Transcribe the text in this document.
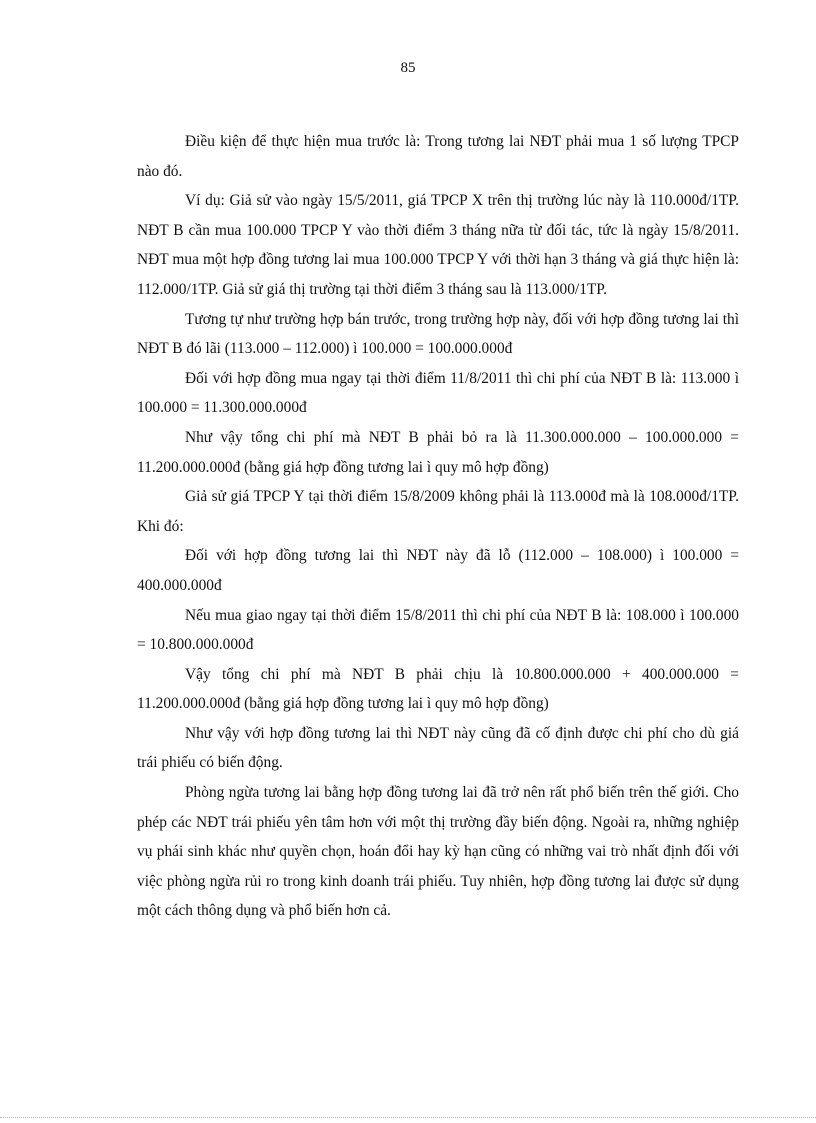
85

Điều kiện để thực hiện mua trước là: Trong tương lai NĐT phải mua 1 số lượng TPCP nào đó.

Ví dụ: Giả sử vào ngày 15/5/2011, giá TPCP X trên thị trường lúc này là 110.000đ/1TP. NĐT B cần mua 100.000 TPCP Y vào thời điểm 3 tháng nữa từ đối tác, tức là ngày 15/8/2011. NĐT mua một hợp đồng tương lai mua 100.000 TPCP Y với thời hạn 3 tháng và giá thực hiện là: 112.000/1TP. Giả sử giá thị trường tại thời điểm 3 tháng sau là 113.000/1TP.

Tương tự như trường hợp bán trước, trong trường hợp này, đối với hợp đồng tương lai thì NĐT B đó lãi (113.000 – 112.000) ì 100.000 = 100.000.000đ

Đối với hợp đồng mua ngay tại thời điểm 11/8/2011 thì chi phí của NĐT B là: 113.000 ì 100.000 = 11.300.000.000đ

Như vậy tổng chi phí mà NĐT B phải bỏ ra là 11.300.000.000 – 100.000.000 = 11.200.000.000đ (bằng giá hợp đồng tương lai ì quy mô hợp đồng)

Giả sử giá TPCP Y tại thời điểm 15/8/2009 không phải là 113.000đ mà là 108.000đ/1TP. Khi đó:

Đối với hợp đồng tương lai thì NĐT này đã lỗ (112.000 – 108.000) ì 100.000 = 400.000.000đ

Nếu mua giao ngay tại thời điểm 15/8/2011 thì chi phí của NĐT B là: 108.000 ì 100.000 = 10.800.000.000đ

Vậy tổng chi phí mà NĐT B phải chịu là 10.800.000.000 + 400.000.000 = 11.200.000.000đ (bằng giá hợp đồng tương lai ì quy mô hợp đồng)

Như vậy với hợp đồng tương lai thì NĐT này cũng đã cố định được chi phí cho dù giá trái phiếu có biến động.

Phòng ngừa tương lai bằng hợp đồng tương lai đã trở nên rất phổ biến trên thế giới. Cho phép các NĐT trái phiếu yên tâm hơn với một thị trường đầy biến động. Ngoài ra, những nghiệp vụ phái sinh khác như quyền chọn, hoán đổi hay kỳ hạn cũng có những vai trò nhất định đối với việc phòng ngừa rủi ro trong kinh doanh trái phiếu. Tuy nhiên, hợp đồng tương lai được sử dụng một cách thông dụng và phổ biến hơn cả.
